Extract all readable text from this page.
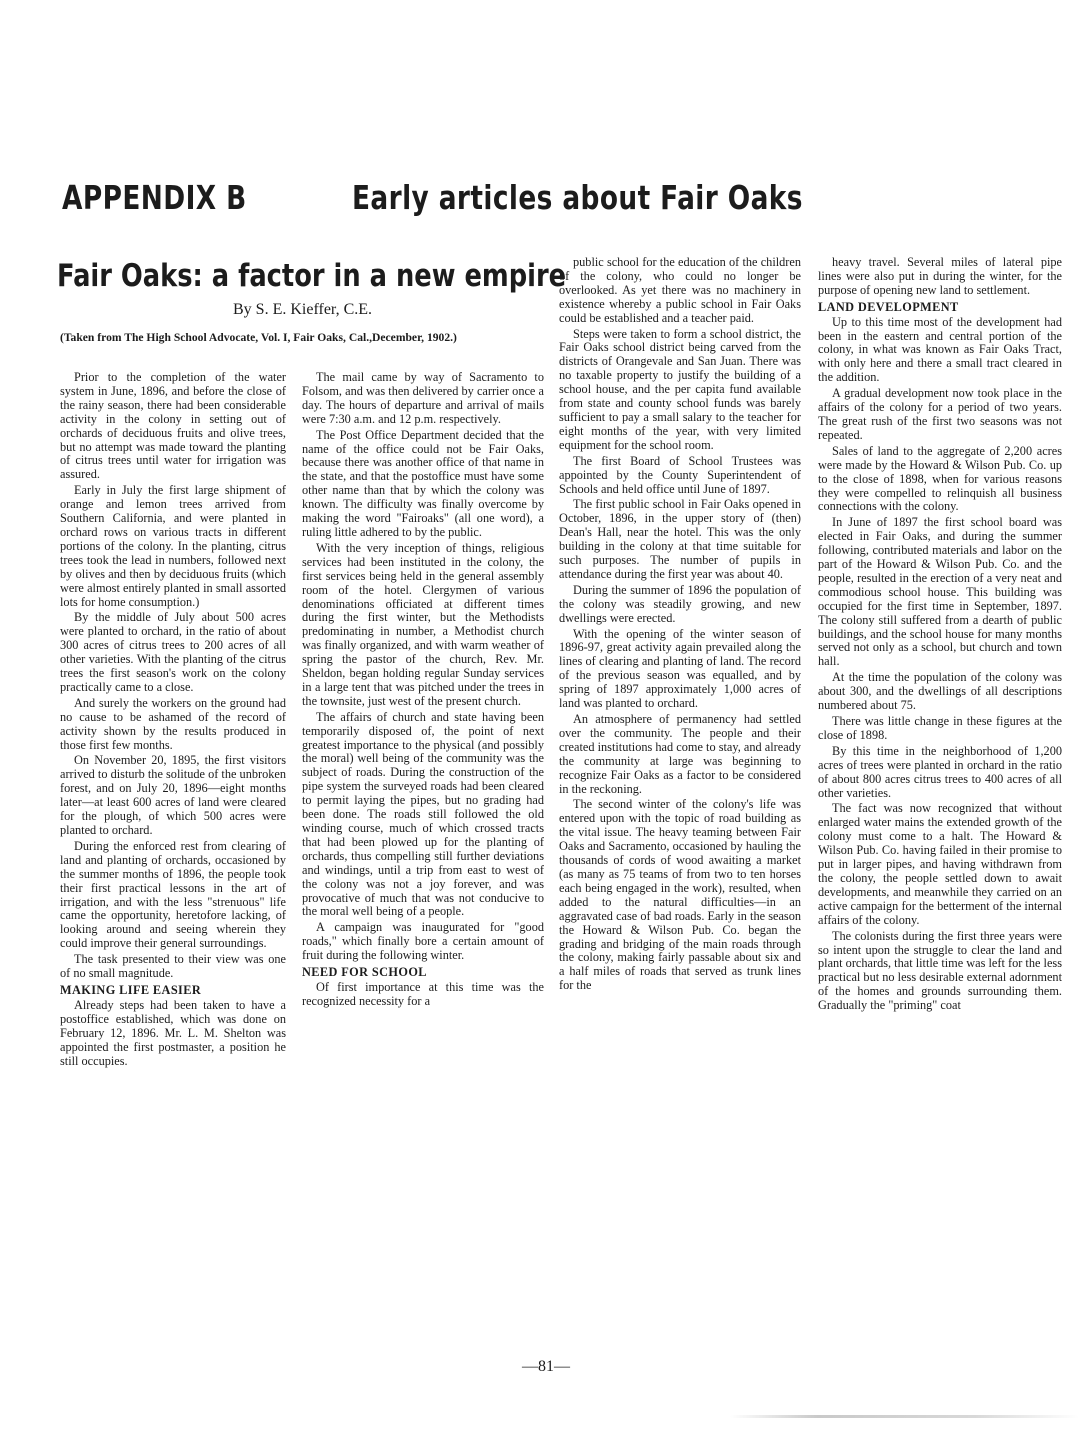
APPENDIX B	Early articles about Fair Oaks
Fair Oaks: a factor in a new empire
By S. E. Kieffer, C.E.
(Taken from The High School Advocate, Vol. I, Fair Oaks, Cal.,December, 1902.)

Prior to the completion of the water system in June, 1896, and before the close of the rainy season, there had been considerable activity in the colony in setting out of orchards of deciduous fruits and olive trees, but no attempt was made toward the planting of citrus trees until water for irrigation was assured.

Early in July the first large shipment of orange and lemon trees arrived from Southern California, and were planted in orchard rows on various tracts in different portions of the colony. In the planting, citrus trees took the lead in numbers, followed next by olives and then by deciduous fruits (which were almost entirely planted in small assorted lots for home consumption.)

By the middle of July about 500 acres were planted to orchard, in the ratio of about 300 acres of citrus trees to 200 acres of all other varieties. With the planting of the citrus trees the first season's work on the colony practically came to a close.

And surely the workers on the ground had no cause to be ashamed of the record of activity shown by the results produced in those first few months.

On November 20, 1895, the first visitors arrived to disturb the solitude of the unbroken forest, and on July 20, 1896—eight months later—at least 600 acres of land were cleared for the plough, of which 500 acres were planted to orchard.

During the enforced rest from clearing of land and planting of orchards, occasioned by the summer months of 1896, the people took their first practical lessons in the art of irrigation, and with the less "strenuous" life came the opportunity, heretofore lacking, of looking around and seeing wherein they could improve their general surroundings.

The task presented to their view was one of no small magnitude.

MAKING LIFE EASIER

Already steps had been taken to have a postoffice established, which was done on February 12, 1896. Mr. L. M. Shelton was appointed the first postmaster, a position he still occupies.

The mail came by way of Sacramento to Folsom, and was then delivered by carrier once a day. The hours of departure and arrival of mails were 7:30 a.m. and 12 p.m. respectively.

The Post Office Department decided that the name of the office could not be Fair Oaks, because there was another office of that name in the state, and that the postoffice must have some other name than that by which the colony was known. The difficulty was finally overcome by making the word "Fairoaks" (all one word), a ruling little adhered to by the public.

With the very inception of things, religious services had been instituted in the colony, the first services being held in the general assembly room of the hotel. Clergymen of various denominations officiated at different times during the first winter, but the Methodists predominating in number, a Methodist church was finally organized, and with warm weather of spring the pastor of the church, Rev. Mr. Sheldon, began holding regular Sunday services in a large tent that was pitched under the trees in the townsite, just west of the present church.

The affairs of church and state having been temporarily disposed of, the point of next greatest importance to the physical (and possibly the moral) well being of the community was the subject of roads. During the construction of the pipe system the surveyed roads had been cleared to permit laying the pipes, but no grading had been done. The roads still followed the old winding course, much of which crossed tracts that had been plowed up for the planting of orchards, thus compelling still further deviations and windings, until a trip from east to west of the colony was not a joy forever, and was provocative of much that was not conducive to the moral well being of a people.

A campaign was inaugurated for "good roads," which finally bore a certain amount of fruit during the following winter.

NEED FOR SCHOOL

Of first importance at this time was the recognized necessity for a

public school for the education of the children of the colony, who could no longer be overlooked. As yet there was no machinery in existence whereby a public school in Fair Oaks could be established and a teacher paid.

Steps were taken to form a school district, the Fair Oaks school district being carved from the districts of Orangevale and San Juan. There was no taxable property to justify the building of a school house, and the per capita fund available from state and county school funds was barely sufficient to pay a small salary to the teacher for eight months of the year, with very limited equipment for the school room.

The first Board of School Trustees was appointed by the County Superintendent of Schools and held office until June of 1897.

The first public school in Fair Oaks opened in October, 1896, in the upper story of (then) Dean's Hall, near the hotel. This was the only building in the colony at that time suitable for such purposes. The number of pupils in attendance during the first year was about 40.

During the summer of 1896 the population of the colony was steadily growing, and new dwellings were erected.

With the opening of the winter season of 1896-97, great activity again prevailed along the lines of clearing and planting of land. The record of the previous season was equalled, and by spring of 1897 approximately 1,000 acres of land was planted to orchard.

An atmosphere of permanency had settled over the community. The people and their created institutions had come to stay, and already the community at large was beginning to recognize Fair Oaks as a factor to be considered in the reckoning.

The second winter of the colony's life was entered upon with the topic of road building as the vital issue. The heavy teaming between Fair Oaks and Sacramento, occasioned by hauling the thousands of cords of wood awaiting a market (as many as 75 teams of from two to ten horses each being engaged in the work), resulted, when added to the natural difficulties—in an aggravated case of bad roads. Early in the season the Howard & Wilson Pub. Co. began the grading and bridging of the main roads through the colony, making fairly passable about six and a half miles of roads that served as trunk lines for the

heavy travel. Several miles of lateral pipe lines were also put in during the winter, for the purpose of opening new land to settlement.

LAND DEVELOPMENT

Up to this time most of the development had been in the eastern and central portion of the colony, in what was known as Fair Oaks Tract, with only here and there a small tract cleared in the addition.

A gradual development now took place in the affairs of the colony for a period of two years. The great rush of the first two seasons was not repeated.

Sales of land to the aggregate of 2,200 acres were made by the Howard & Wilson Pub. Co. up to the close of 1898, when for various reasons they were compelled to relinquish all business connections with the colony.

In June of 1897 the first school board was elected in Fair Oaks, and during the summer following, contributed materials and labor on the part of the Howard & Wilson Pub. Co. and the people, resulted in the erection of a very neat and commodious school house. This building was occupied for the first time in September, 1897. The colony still suffered from a dearth of public buildings, and the school house for many months served not only as a school, but church and town hall.

At the time the population of the colony was about 300, and the dwellings of all descriptions numbered about 75.

There was little change in these figures at the close of 1898.

By this time in the neighborhood of 1,200 acres of trees were planted in orchard in the ratio of about 800 acres citrus trees to 400 acres of all other varieties.

The fact was now recognized that without enlarged water mains the extended growth of the colony must come to a halt. The Howard & Wilson Pub. Co. having failed in their promise to put in larger pipes, and having withdrawn from the colony, the people settled down to await developments, and meanwhile they carried on an active campaign for the betterment of the internal affairs of the colony.

The colonists during the first three years were so intent upon the struggle to clear the land and plant orchards, that little time was left for the less practical but no less desirable external adornment of the homes and grounds surrounding them. Gradually the "priming" coat

—81—
